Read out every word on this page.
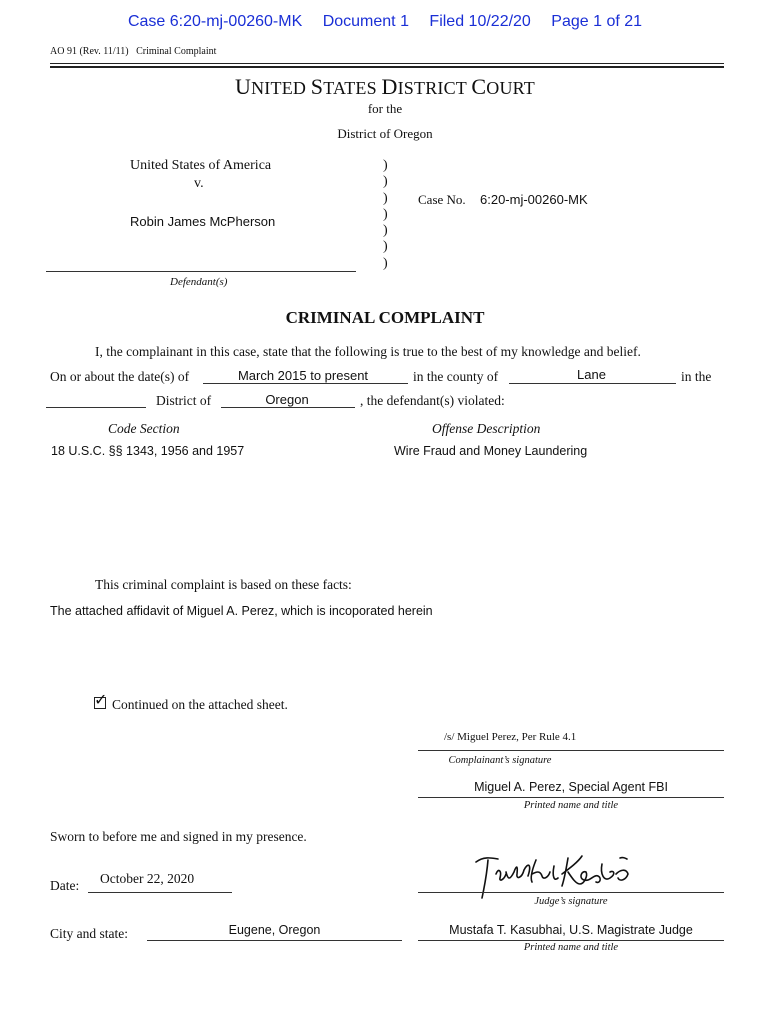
Case 6:20-mj-00260-MK Document 1 Filed 10/22/20 Page 1 of 21
AO 91 (Rev. 11/11)   Criminal Complaint
UNITED STATES DISTRICT COURT
for the
District of Oregon
United States of America
v.
Robin James McPherson
Defendant(s)
)
)
)
)
)
)
)
Case No. 6:20-mj-00260-MK
CRIMINAL COMPLAINT
I, the complainant in this case, state that the following is true to the best of my knowledge and belief.
On or about the date(s) of	March 2015 to present	in the county of	Lane	in the
District of	Oregon	, the defendant(s) violated:
Code Section	Offense Description
18 U.S.C. §§ 1343, 1956 and 1957	Wire Fraud and Money Laundering
This criminal complaint is based on these facts:
The attached affidavit of Miguel A. Perez, which is incoporated herein
✓ Continued on the attached sheet.
/s/ Miguel Perez, Per Rule 4.1
Complainant’s signature
Miguel A. Perez, Special Agent FBI
Printed name and title
Sworn to before me and signed in my presence.
Date: October 22, 2020
Judge’s signature
City and state:	Eugene, Oregon	Mustafa T. Kasubhai, U.S. Magistrate Judge
Printed name and title
